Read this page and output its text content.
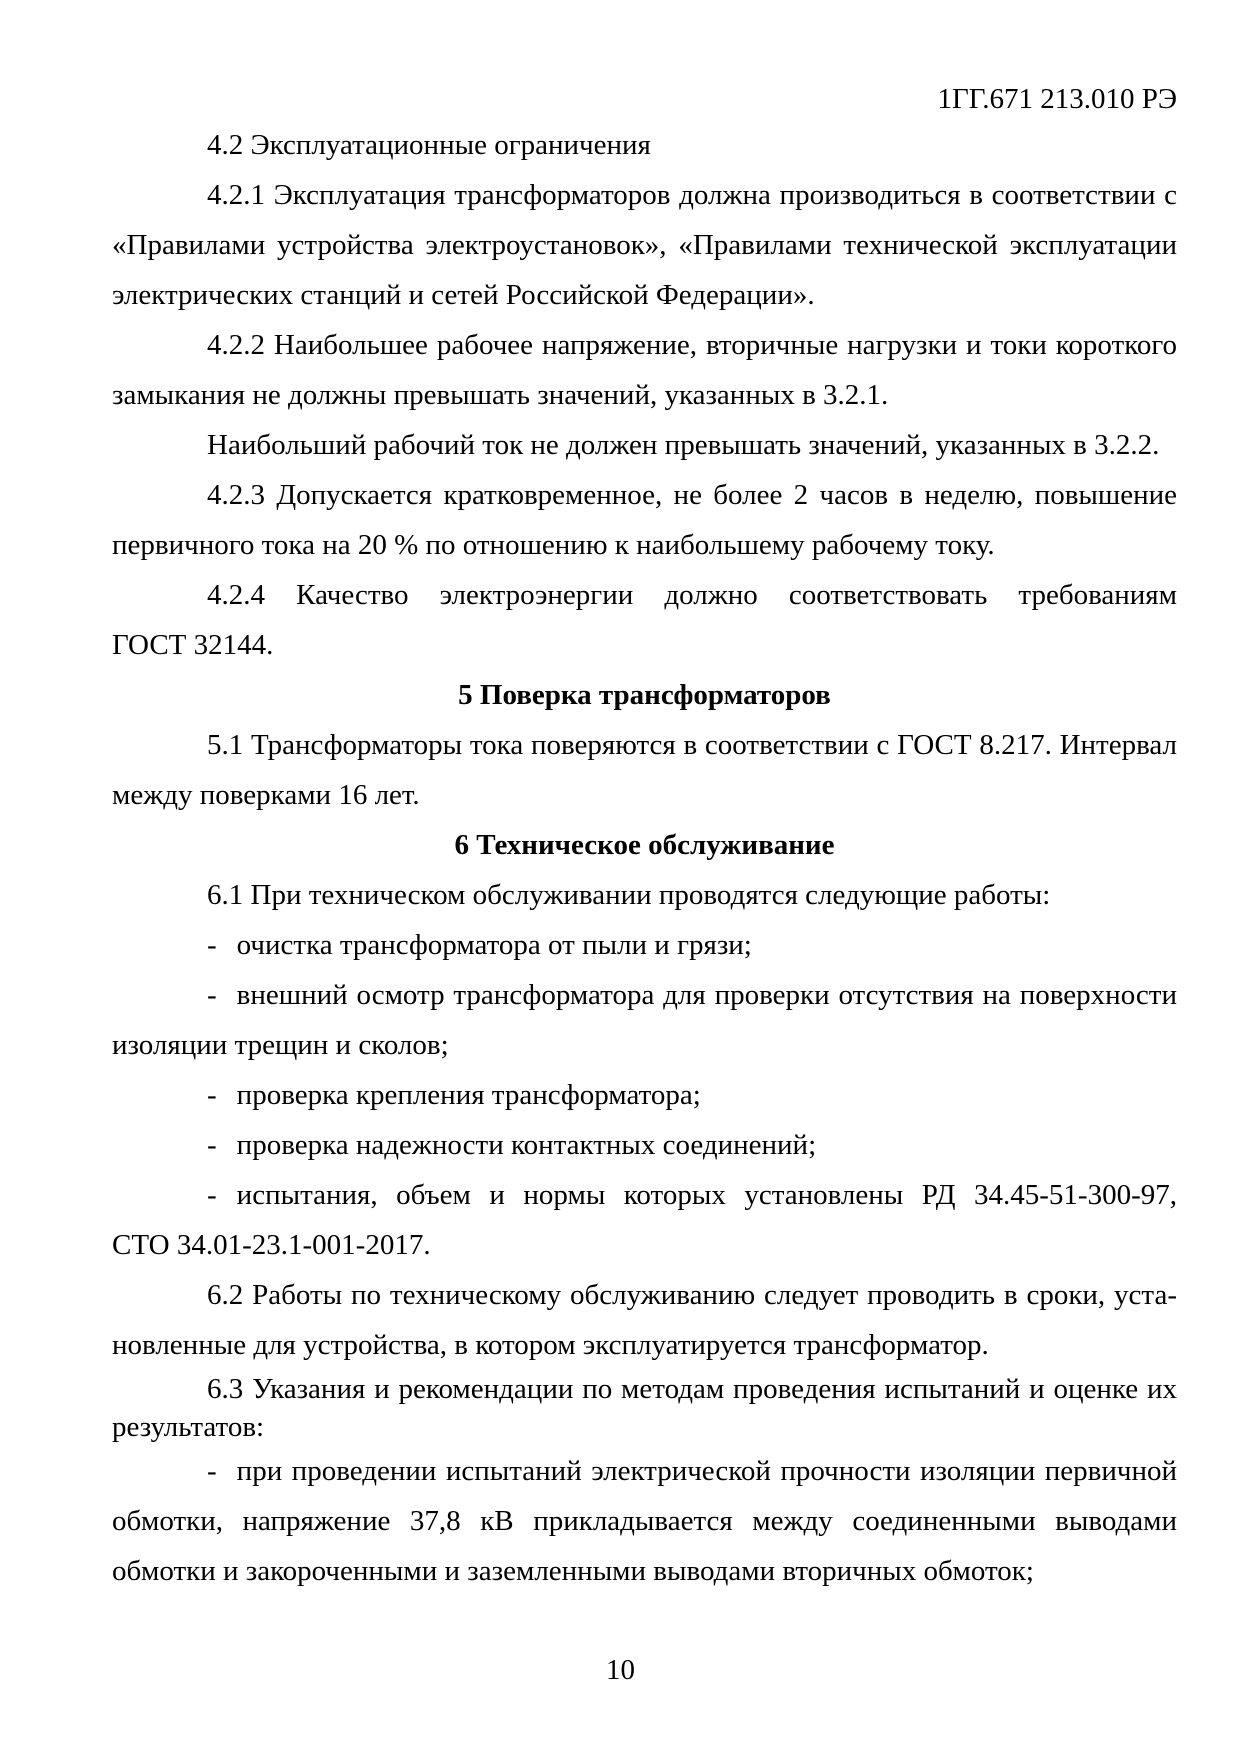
1ГГ.671 213.010 РЭ

4.2 Эксплуатационные ограничения

4.2.1 Эксплуатация трансформаторов должна производиться в соответствии с «Правилами устройства электроустановок», «Правилами технической эксплуатации электрических станций и сетей Российской Федерации».

4.2.2 Наибольшее рабочее напряжение, вторичные нагрузки и токи короткого замыкания не должны превышать значений, указанных в 3.2.1.

Наибольший рабочий ток не должен превышать значений, указанных в 3.2.2.

4.2.3 Допускается кратковременное, не более 2 часов в неделю, повышение первичного тока на 20 % по отношению к наибольшему рабочему току.

4.2.4 Качество электроэнергии должно соответствовать требованиям ГОСТ 32144.

5 Поверка трансформаторов

5.1 Трансформаторы тока поверяются в соответствии с ГОСТ 8.217. Интервал между поверками 16 лет.

6 Техническое обслуживание

6.1 При техническом обслуживании проводятся следующие работы:

- очистка трансформатора от пыли и грязи;

- внешний осмотр трансформатора для проверки отсутствия на поверхности изоляции трещин и сколов;

- проверка крепления трансформатора;

- проверка надежности контактных соединений;

- испытания, объем и нормы которых установлены РД 34.45-51-300-97, СТО 34.01-23.1-001-2017.

6.2 Работы по техническому обслуживанию следует проводить в сроки, установленные для устройства, в котором эксплуатируется трансформатор.

6.3 Указания и рекомендации по методам проведения испытаний и оценке их результатов:

- при проведении испытаний электрической прочности изоляции первичной обмотки, напряжение 37,8 кВ прикладывается между соединенными выводами обмотки и закороченными и заземленными выводами вторичных обмоток;

10
